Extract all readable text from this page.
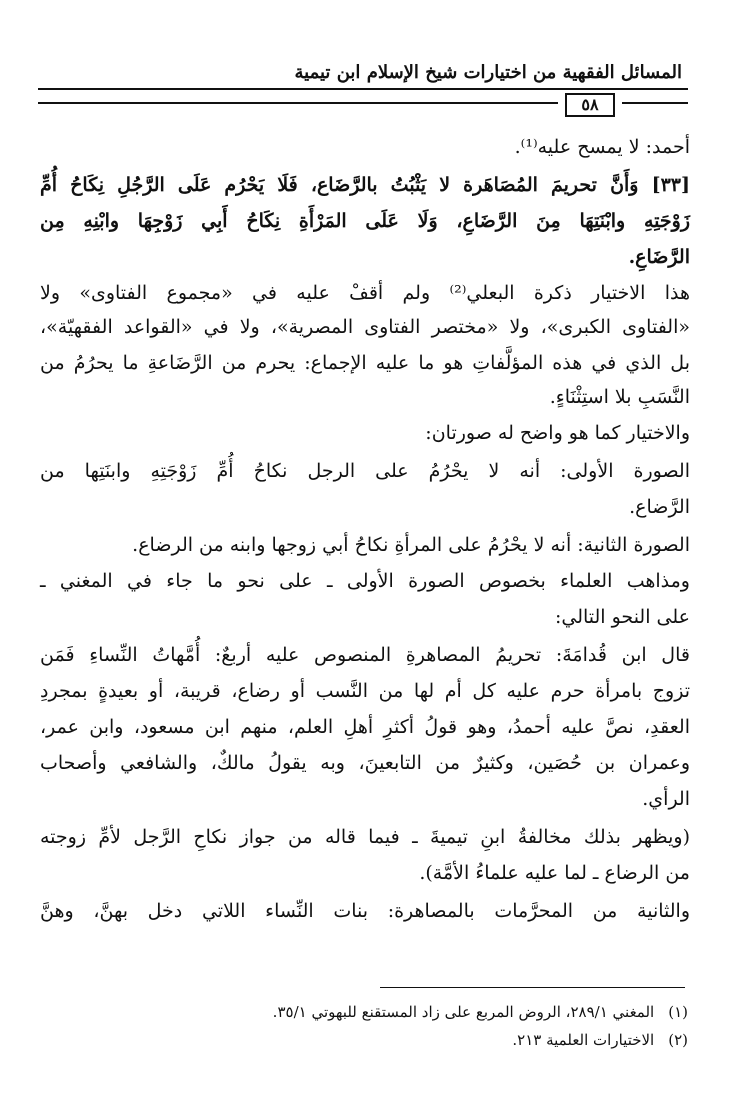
المسائل الفقهية من اختيارات شيخ الإسلام ابن تيمية
٥٨
أحمد: لا يمسح عليه⁽¹⁾.
[٣٣] وَأَنَّ تحريمَ المُصَاهَرة لا يَثْبُتُ بالرَّضَاع، فَلَا يَحْرُم عَلَى الرَّجُلِ نِكَاحُ أُمِّ
زَوْجَتِهِ وابْنَتِهَا مِنَ الرَّضَاعِ، وَلَا عَلَى المَرْأَةِ نِكَاحُ أَبِي زَوْجِهَا وابْنِهِ مِن
الرَّضَاعِ.
هذا الاختيار ذكرة البعلي⁽²⁾ ولم أقفْ عليه في «مجموع الفتاوى» ولا
«الفتاوى الكبرى»، ولا «مختصر الفتاوى المصرية»، ولا في «القواعد الفقهيّة»،
بل الذي في هذه المؤلَّفاتِ هو ما عليه الإجماع: يحرم من الرَّضَاعةِ ما يحرُمُ من
النَّسَبِ بلا استِثْنَاءٍ.
والاختيار كما هو واضح له صورتان:
الصورة الأولى: أنه لا يحْرُمُ على الرجل نكاحُ أُمِّ زَوْجَتِهِ وابنَتِها من
الرَّضاع.
الصورة الثانية: أنه لا يحْرُمُ على المرأةِ نكاحُ أبي زوجها وابنه من الرضاع.
ومذاهب العلماء بخصوص الصورة الأولى ـ على نحو ما جاء في المغني ـ
على النحو التالي:
قال ابن قُدامَةَ: تحريمُ المصاهرةِ المنصوص عليه أربعٌ: أُمَّهاتُ النِّساءِ فَمَن
تزوج بامرأة حرم عليه كل أم لها من النَّسب أو رضاع، قريبة، أو بعيدةٍ بمجردِ
العقدِ، نصَّ عليه أحمدُ، وهو قولُ أكثرِ أهلِ العلم، منهم ابن مسعود، وابن عمر،
وعمران بن حُصَين، وكثيرٌ من التابعينَ، وبه يقولُ مالكٌ، والشافعي وأصحاب
الرأي.
(ويظهر بذلك مخالفةُ ابنِ تيميةَ ـ فيما قاله من جواز نكاحِ الرَّجل لأمِّ زوجته
من الرضاع ـ لما عليه علماءُ الأمَّة).
والثانية من المحرَّمات بالمصاهرة: بنات النِّساء اللاتي دخل بهنَّ، وهنَّ
(١)المغني ٢٨٩/١، الروض المربع على زاد المستقنع للبهوتي ٣٥/١.
(٢)الاختيارات العلمية ٢١٣.
